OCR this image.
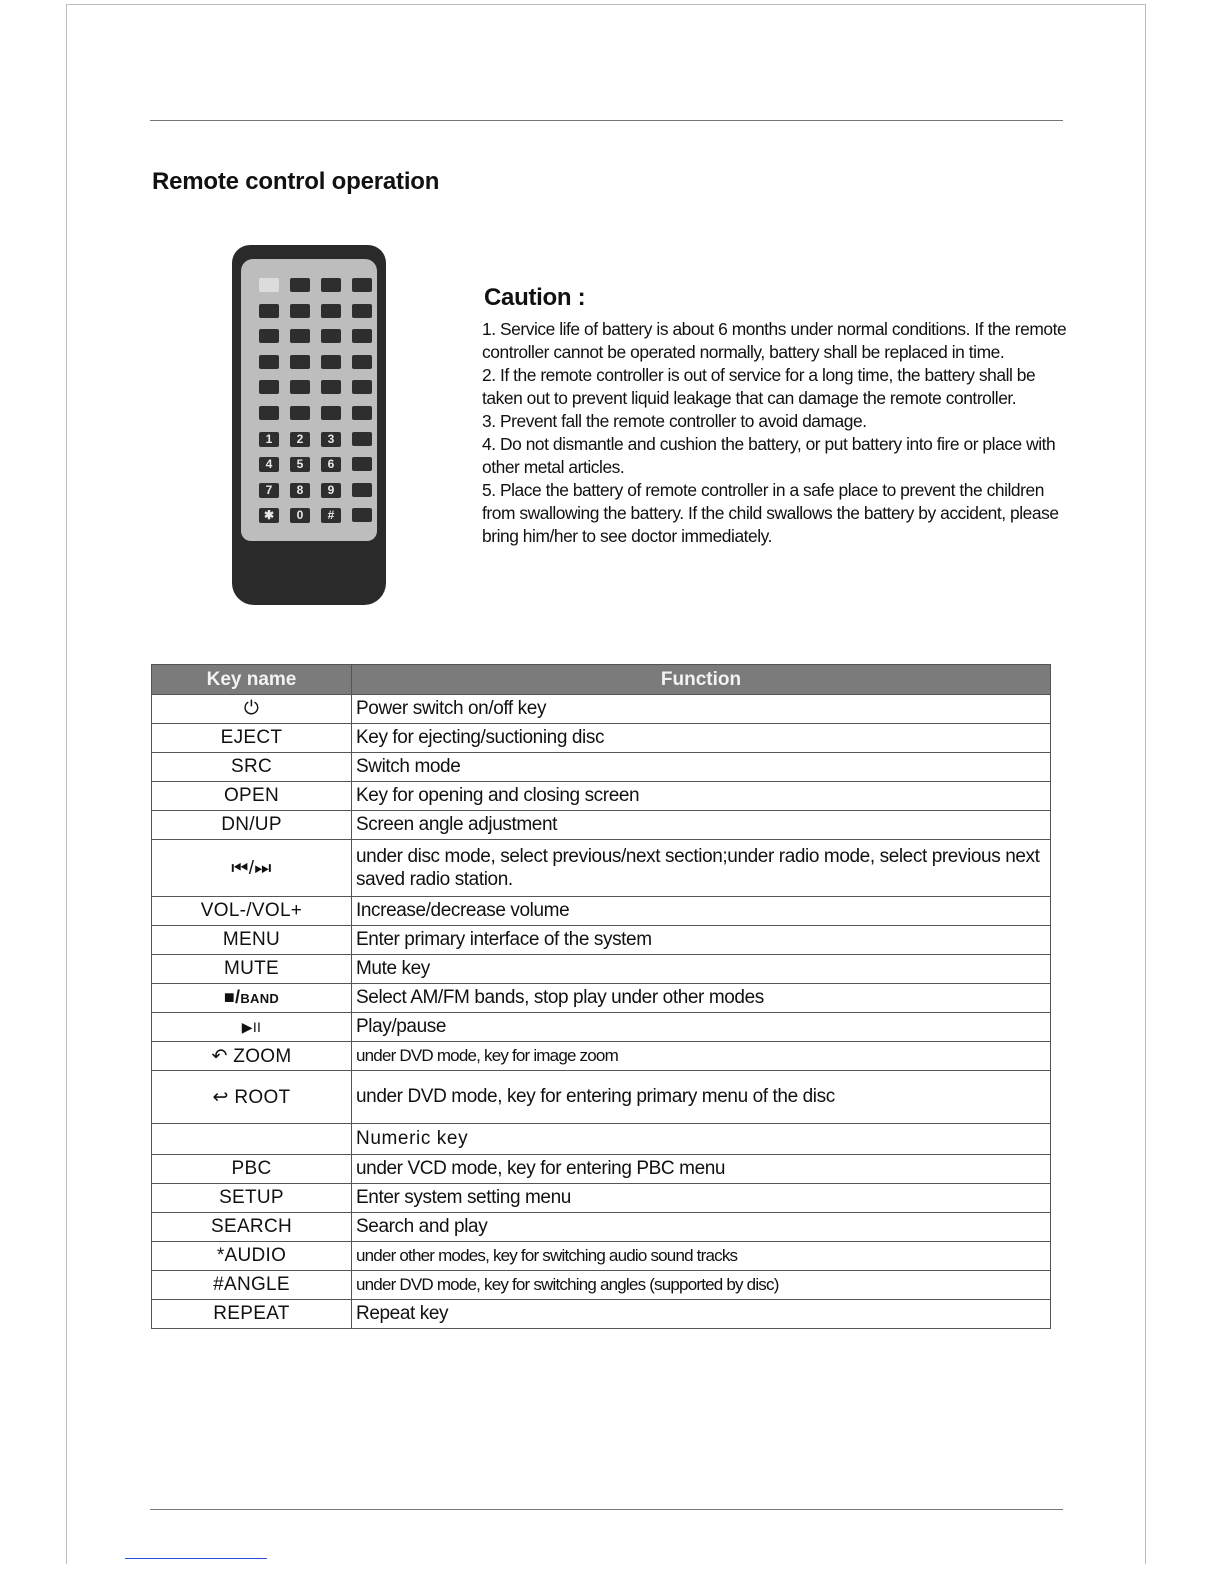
Remote control operation
1	2	3
4	5	6
7	8	9
✱	0	#
Caution :

1. Service life of battery is about 6 months under normal conditions. If the remote controller cannot be operated normally, battery shall be replaced in time.

2. If the remote controller is out of service for a long time, the battery shall be taken out to prevent liquid leakage that can damage the remote controller.

3. Prevent fall the remote controller to avoid damage.

4. Do not dismantle and cushion the battery, or put battery into fire or place with other metal articles.

5. Place the battery of remote controller in a safe place to prevent the children from swallowing the battery. If the child swallows the battery by accident, please bring him/her to see doctor immediately.

Key name	Function
⏻	Power switch on/off key
EJECT	Key for ejecting/suctioning disc
SRC	Switch mode
OPEN	Key for opening and closing screen
DN/UP	Screen angle adjustment
⏮/⏭	under disc mode, select previous/next section;under radio mode, select previous next saved radio station.
VOL-/VOL+	Increase/decrease volume
MENU	Enter primary interface of the system
MUTE	Mute key
■/BAND	Select AM/FM bands, stop play under other modes
▶II	Play/pause
↶ ZOOM	under DVD mode, key for image zoom
↩ ROOT	under DVD mode, key for entering primary menu of the disc
	Numeric key
PBC	under VCD mode, key for entering PBC menu
SETUP	Enter system setting menu
SEARCH	Search and play
*AUDIO	under other modes, key for switching audio sound tracks
#ANGLE	under DVD mode, key for switching angles (supported by disc)
REPEAT	Repeat key
